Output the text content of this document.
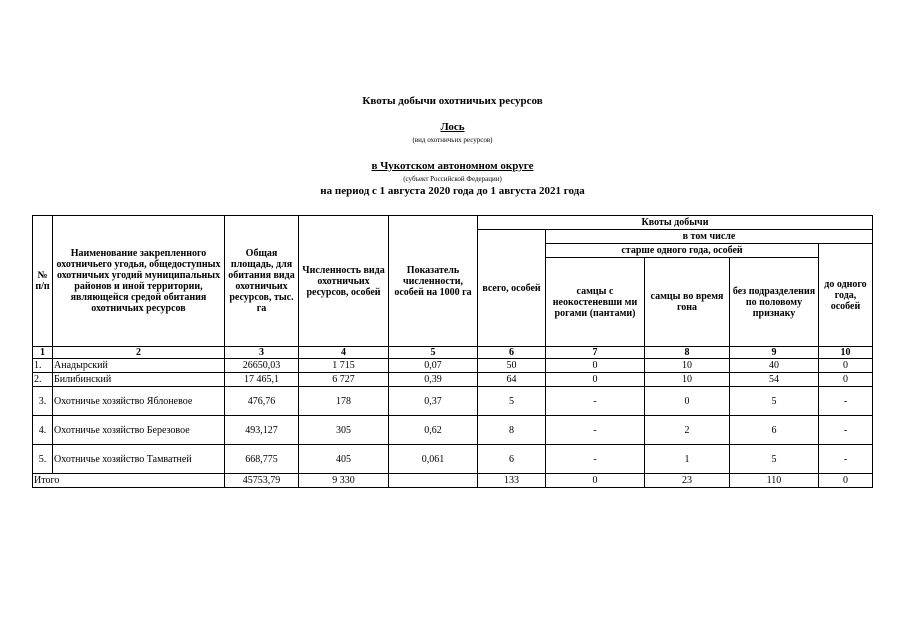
Квоты добычи охотничьих ресурсов
Лось
(вид охотничьих ресурсов)
в Чукотском автономном округе
(субъект Российской Федерации)
на период с 1 августа 2020 года до 1 августа 2021 года
№ п/п	Наименование закрепленного охотничьего угодья, общедоступных охотничьих угодий муниципальных районов и иной территории, являющейся средой обитания охотничьих ресурсов	Общая площадь, для обитания вида охотничьих ресурсов, тыс. га	Численность вида охотничьих ресурсов, особей	Показатель численности, особей на 1000 га	Квоты добычи				
					всего, особей	в том числе			
						старше одного года, особей			до одного года, особей
						самцы с неокостеневши ми рогами (пантами)	самцы во время гона	без подразделения по половому признаку	
1	2	3	4	5	6	7	8	9	10
1.	Анадырский	26650,03	1 715	0,07	50	0	10	40	0
2.	Билибинский	17 465,1	6 727	0,39	64	0	10	54	0
3.	Охотничье хозяйство Яблоневое	476,76	178	0,37	5	-	0	5	-
4.	Охотничье хозяйство Березовое	493,127	305	0,62	8	-	2	6	-
5.	Охотничье хозяйство Тамватней	668,775	405	0,061	6	-	1	5	-
Итого		45753,79	9 330		133	0	23	110	0
